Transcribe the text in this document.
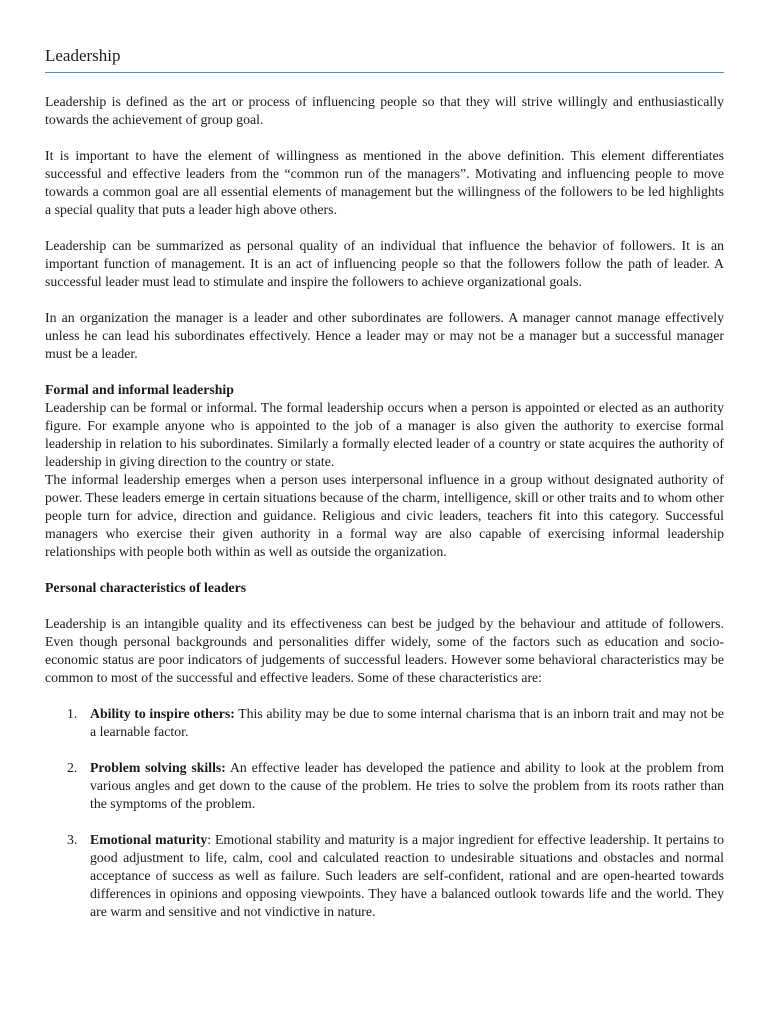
Leadership

Leadership is defined as the art or process of influencing people so that they will strive willingly and enthusiastically towards the achievement of group goal.

It is important to have the element of willingness as mentioned in the above definition. This element differentiates successful and effective leaders from the “common run of the managers”. Motivating and influencing people to move towards a common goal are all essential elements of management but the willingness of the followers to be led highlights a special quality that puts a leader high above others.

Leadership can be summarized as personal quality of an individual that influence the behavior of followers. It is an important function of management. It is an act of influencing people so that the followers follow the path of leader. A successful leader must lead to stimulate and inspire the followers to achieve organizational goals.

In an organization the manager is a leader and other subordinates are followers. A manager cannot manage effectively unless he can lead his subordinates effectively. Hence a leader may or may not be a manager but a successful manager must be a leader.

Formal and informal leadership

Leadership can be formal or informal. The formal leadership occurs when a person is appointed or elected as an authority figure. For example anyone who is appointed to the job of a manager is also given the authority to exercise formal leadership in relation to his subordinates. Similarly a formally elected leader of a country or state acquires the authority of leadership in giving direction to the country or state.

The informal leadership emerges when a person uses interpersonal influence in a group without designated authority of power. These leaders emerge in certain situations because of the charm, intelligence, skill or other traits and to whom other people turn for advice, direction and guidance. Religious and civic leaders, teachers fit into this category. Successful managers who exercise their given authority in a formal way are also capable of exercising informal leadership relationships with people both within as well as outside the organization.

Personal characteristics of leaders

Leadership is an intangible quality and its effectiveness can best be judged by the behaviour and attitude of followers. Even though personal backgrounds and personalities differ widely, some of the factors such as education and socio-economic status are poor indicators of judgements of successful leaders. However some behavioral characteristics may be common to most of the successful and effective leaders. Some of these characteristics are:

1. Ability to inspire others: This ability may be due to some internal charisma that is an inborn trait and may not be a learnable factor.
2. Problem solving skills: An effective leader has developed the patience and ability to look at the problem from various angles and get down to the cause of the problem. He tries to solve the problem from its roots rather than the symptoms of the problem.
3. Emotional maturity: Emotional stability and maturity is a major ingredient for effective leadership. It pertains to good adjustment to life, calm, cool and calculated reaction to undesirable situations and obstacles and normal acceptance of success as well as failure. Such leaders are self-confident, rational and are open-hearted towards differences in opinions and opposing viewpoints. They have a balanced outlook towards life and the world. They are warm and sensitive and not vindictive in nature.
